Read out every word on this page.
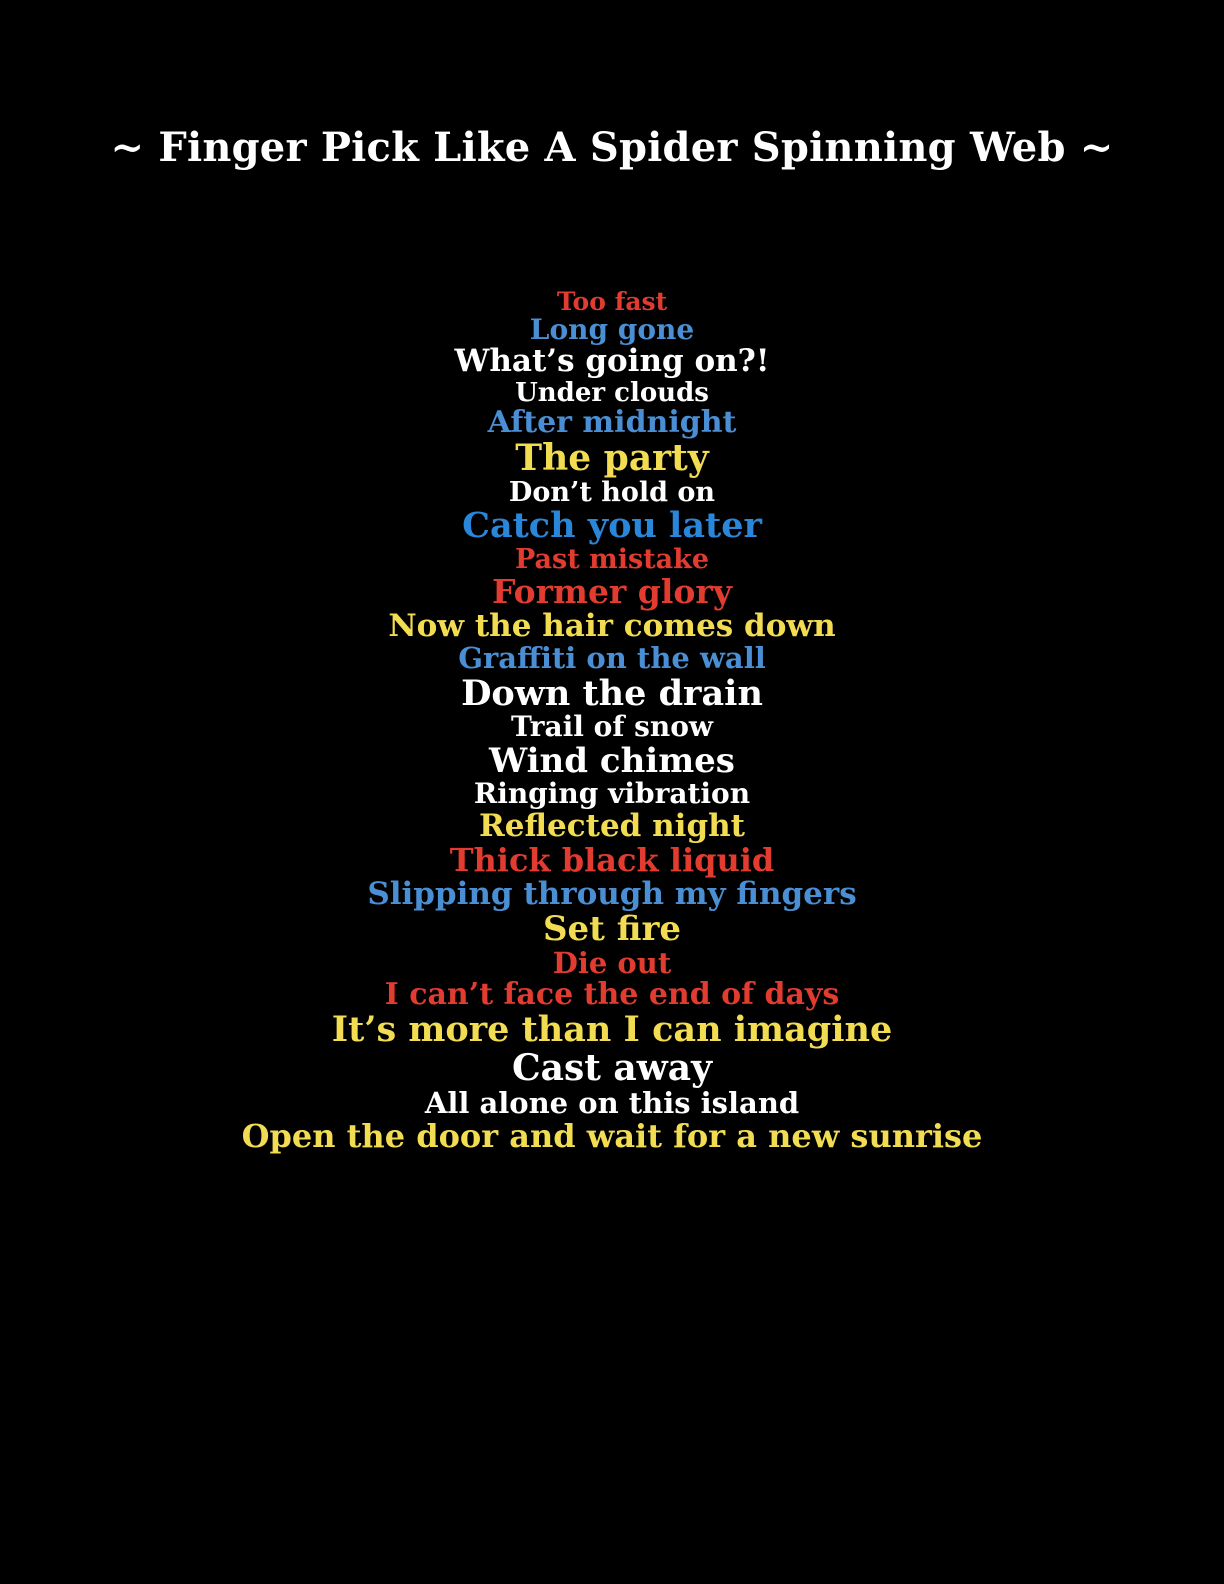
~ Finger Pick Like A Spider Spinning Web ~
Too fast
Long gone
What’s going on?!
Under clouds
After midnight
The party
Don’t hold on
Catch you later
Past mistake
Former glory
Now the hair comes down
Graffiti on the wall
Down the drain
Trail of snow
Wind chimes
Ringing vibration
Reflected night
Thick black liquid
Slipping through my fingers
Set fire
Die out
I can’t face the end of days
It’s more than I can imagine
Cast away
All alone on this island
Open the door and wait for a new sunrise
